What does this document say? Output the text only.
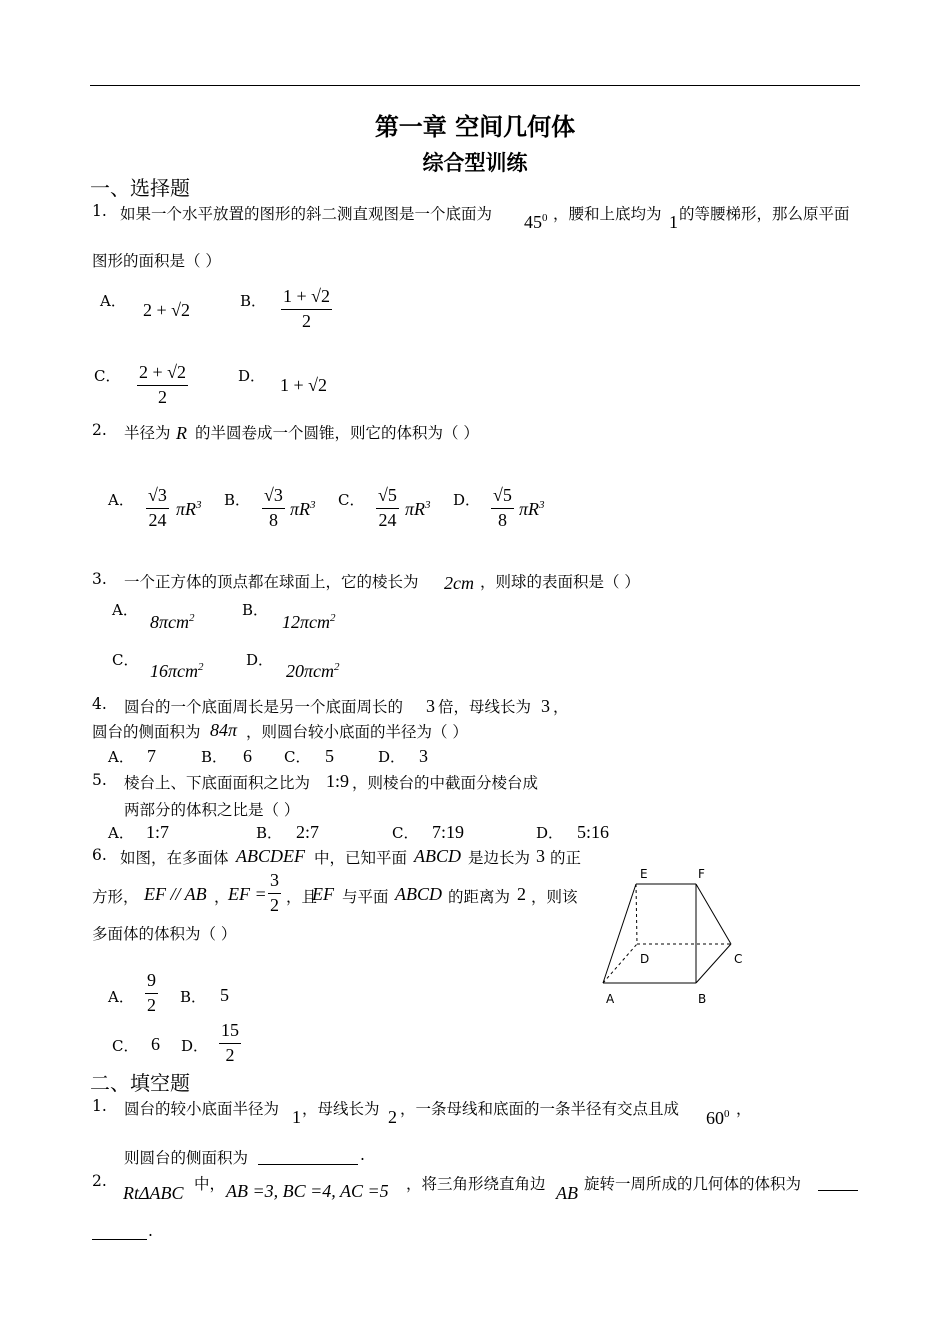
第一章 空间几何体
综合型训练
一、选择题
1. 如果一个水平放置的图形的斜二测直观图是一个底面为 $45^0$ ，腰和上底均为 1 的等腰梯形，那么原平面
图形的面积是（ ）
A． 2 + √2	B． $\frac{1 + √2}{2}$
C． $\frac{2 + √2}{2}$	D． 1 + √2
2. 半径为 R 的半圆卷成一个圆锥，则它的体积为（ ）
A． $\frac{√3}{24} \pi R^3$ B． $\frac{√3}{8} \pi R^3$ C． $\frac{√5}{24} \pi R^3$ D． $\frac{√5}{8} \pi R^3$
3. 一个正方体的顶点都在球面上，它的棱长为 2cm ，则球的表面积是（ ）
A．
8πcm$^2$	B．
12πcm$^2$
C．
16πcm$^2$	D．
20πcm$^2$
4. 圆台的一个底面周长是另一个底面周长的 3 倍，母线长为 3 ，
圆台的侧面积为 84π ，则圆台较小底面的半径为（ ）
A． 7	B． 6 C． 5	D． 3
5. 棱台上、下底面面积之比为 1:9 ，则棱台的中截面分棱台成
两部分的体积之比是（ ）
A． 1:7	B． 2:7	C． 7:19	D． 5:16
6. 如图，在多面体 ABCDEF 中，已知平面 ABCD 是边长为 3 的正
方形， EF // AB ，
EF = $\frac{3}{2}$ ，且
EF 与平面 ABCD 的距离为 2 ，则该
多面体的体积为（ ）
A． $\frac{9}{2}$ B． 5
C． 6 D． $\frac{15}{2}$
E	F
D	C
A	B
二、填空题
1. 圆台的较小底面半径为 1 ，母线长为 2 ，一条母线和底面的一条半径有交点且成 $60^0$ ，
则圆台的侧面积为	.
2.
RtΔABC 中， AB =3, BC =4, AC =5 ，将三角形绕直角边 AB 旋转一周所成的几何体的体积为
.
